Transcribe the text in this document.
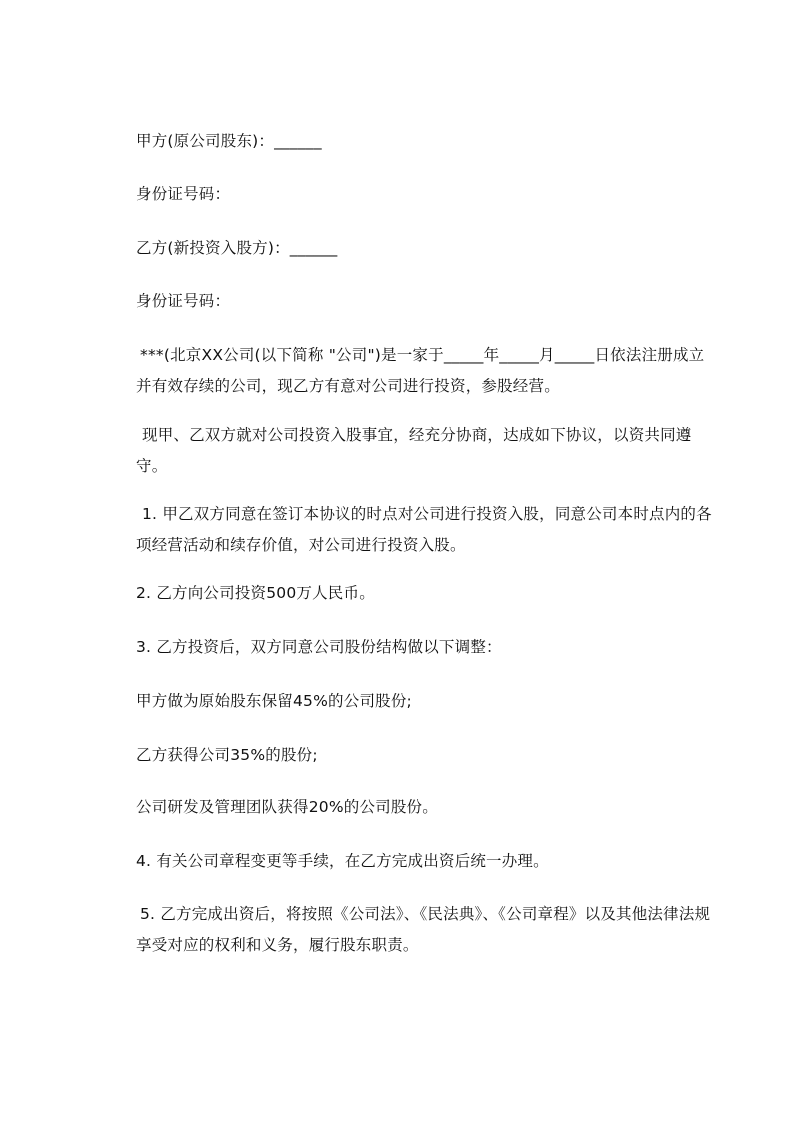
甲方(原公司股东)：______
身份证号码：
乙方(新投资入股方)：______
身份证号码：
***(北京XX公司(以下简称 "公司")是一家于_____年_____月_____日依法注册成立并有效存续的公司，现乙方有意对公司进行投资，参股经营。
现甲、乙双方就对公司投资入股事宜，经充分协商，达成如下协议，以资共同遵守。
1. 甲乙双方同意在签订本协议的时点对公司进行投资入股，同意公司本时点内的各项经营活动和续存价值，对公司进行投资入股。
2. 乙方向公司投资500万人民币。
3. 乙方投资后，双方同意公司股份结构做以下调整：
甲方做为原始股东保留45%的公司股份;
乙方获得公司35%的股份;
公司研发及管理团队获得20%的公司股份。
4. 有关公司章程变更等手续，在乙方完成出资后统一办理。
5. 乙方完成出资后，将按照《公司法》、《民法典》、《公司章程》以及其他法律法规享受对应的权利和义务，履行股东职责。
